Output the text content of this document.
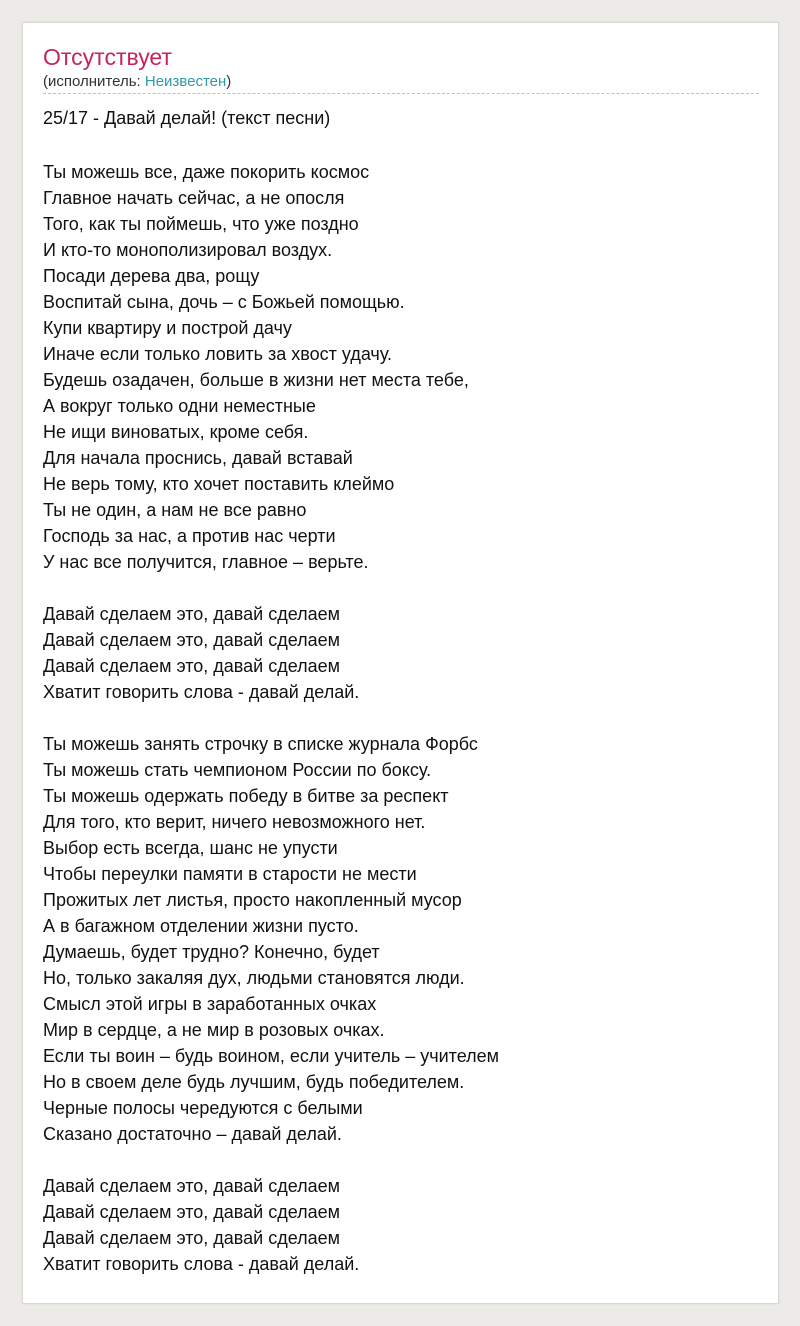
Отсутствует
(исполнитель: Неизвестен)
25/17 - Давай делай! (текст песни)
Ты можешь все, даже покорить космос
Главное начать сейчас, а не опосля
Того, как ты поймешь, что уже поздно
И кто-то монополизировал воздух.
Посади дерева два, рощу
Воспитай сына, дочь – с Божьей помощью.
Купи квартиру и построй дачу
Иначе если только ловить за хвост удачу.
Будешь озадачен, больше в жизни нет места тебе,
А вокруг только одни неместные
Не ищи виноватых, кроме себя.
Для начала проснись, давай вставай
Не верь тому, кто хочет поставить клеймо
Ты не один, а нам не все равно
Господь за нас, а против нас черти
У нас все получится, главное – верьте.
Давай сделаем это, давай сделаем
Давай сделаем это, давай сделаем
Давай сделаем это, давай сделаем
Хватит говорить слова - давай делай.
Ты можешь занять строчку в списке журнала Форбс
Ты можешь стать чемпионом России по боксу.
Ты можешь одержать победу в битве за респект
Для того, кто верит, ничего невозможного нет.
Выбор есть всегда, шанс не упусти
Чтобы переулки памяти в старости не мести
Прожитых лет листья, просто накопленный мусор
А в багажном отделении жизни пусто.
Думаешь, будет трудно? Конечно, будет
Но, только закаляя дух, людьми становятся люди.
Смысл этой игры в заработанных очках
Мир в сердце, а не мир в розовых очках.
Если ты воин – будь воином, если учитель – учителем
Но в своем деле будь лучшим, будь победителем.
Черные полосы чередуются с белыми
Сказано достаточно – давай делай.
Давай сделаем это, давай сделаем
Давай сделаем это, давай сделаем
Давай сделаем это, давай сделаем
Хватит говорить слова - давай делай.
